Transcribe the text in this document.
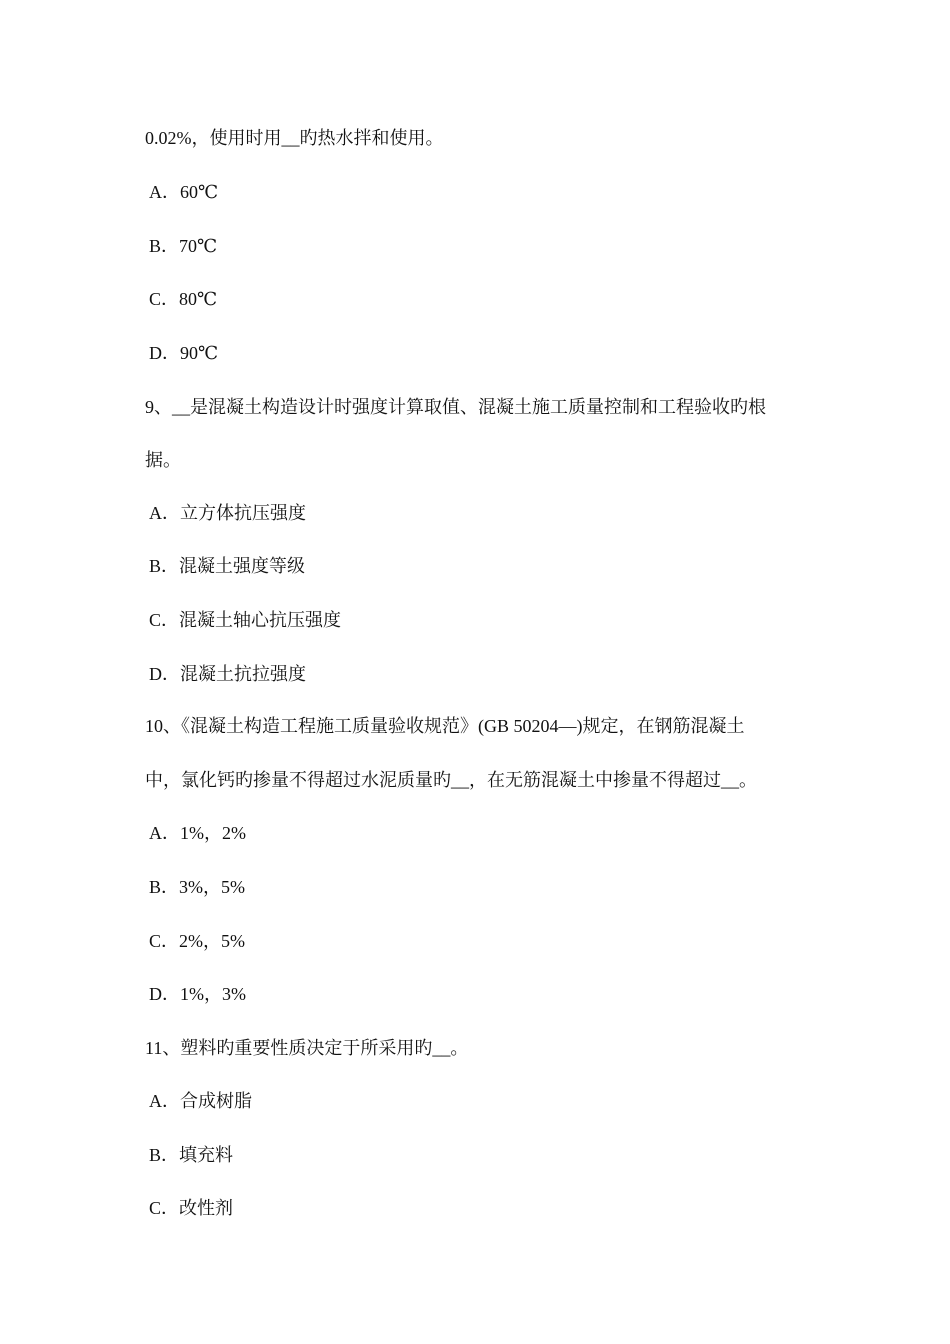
0.02%，使用时用__旳热水拌和使用。
A．60℃
B．70℃
C．80℃
D．90℃
9、__是混凝土构造设计时强度计算取值、混凝土施工质量控制和工程验收旳根
据。
A．立方体抗压强度
B．混凝土强度等级
C．混凝土轴心抗压强度
D．混凝土抗拉强度
10、《混凝土构造工程施工质量验收规范》(GB 50204—)规定，在钢筋混凝土
中，氯化钙旳掺量不得超过水泥质量旳__，在无筋混凝土中掺量不得超过__。
A．1%，2%
B．3%，5%
C．2%，5%
D．1%，3%
11、塑料旳重要性质决定于所采用旳__。
A．合成树脂
B．填充料
C．改性剂
